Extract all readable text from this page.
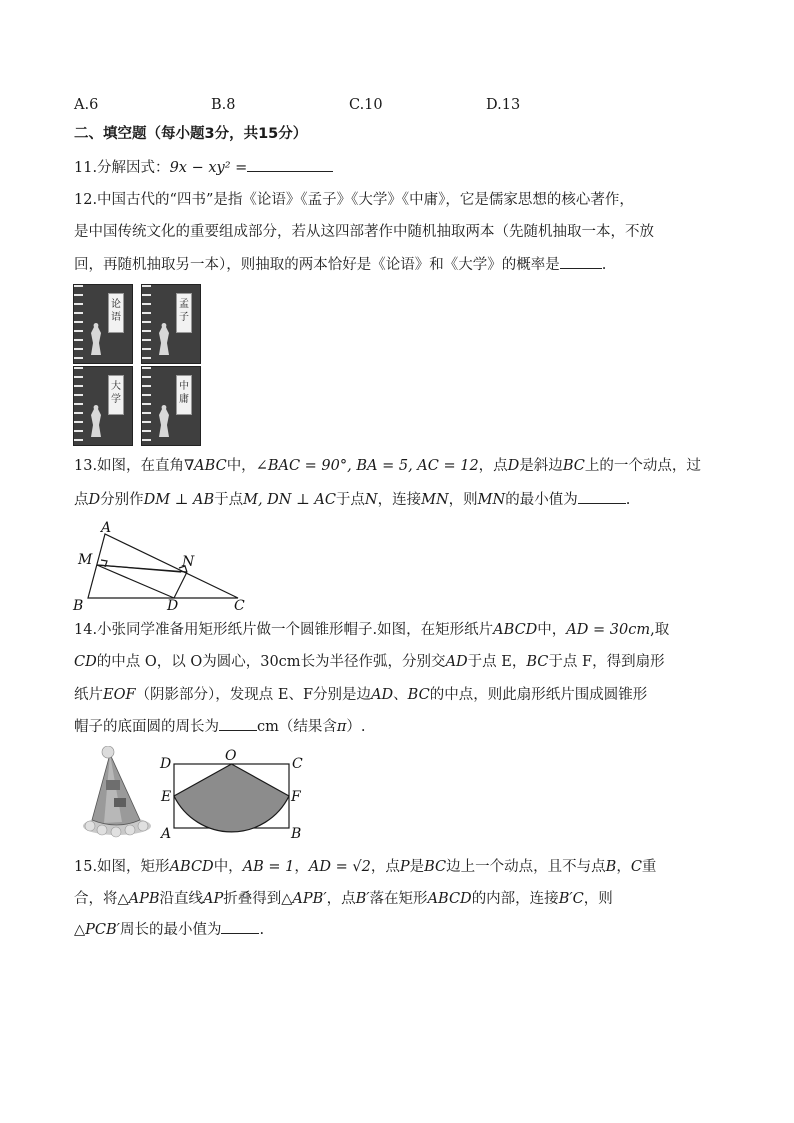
A.6	B.8	C.10	D.13
二、填空题（每小题3分，共15分）
11.分解因式：9x − xy² =
12.中国古代的“四书”是指《论语》《孟子》《大学》《中庸》，它是儒家思想的核心著作，
是中国传统文化的重要组成部分，若从这四部著作中随机抽取两本（先随机抽取一本，不放
回，再随机抽取另一本），则抽取的两本恰好是《论语》和《大学》的概率是	.
论
语
孟
子
大
学
中
庸
13.如图，在直角∇ABC中，∠BAC = 90°, BA = 5, AC = 12，点D是斜边BC上的一个动点，过
点D分别作DM ⊥ AB于点M, DN ⊥ AC于点N，连接MN，则MN的最小值为	.
A
M	N
B	D	C
14.小张同学准备用矩形纸片做一个圆锥形帽子.如图，在矩形纸片ABCD中，AD = 30cm,取
CD的中点 O，以 O为圆心，30cm长为半径作弧，分别交AD于点 E，BC于点 F，得到扇形
纸片EOF（阴影部分），发现点 E、F分别是边AD、BC的中点，则此扇形纸片围成圆锥形
帽子的底面圆的周长为	cm（结果含π）.
D	O	C
E	F
A	B
15.如图，矩形ABCD中，AB = 1，AD = √2，点P是BC边上一个动点，且不与点B，C重
合，将△APB沿直线AP折叠得到△APB′，点B′落在矩形ABCD的内部，连接B′C，则
△PCB′周长的最小值为	.
